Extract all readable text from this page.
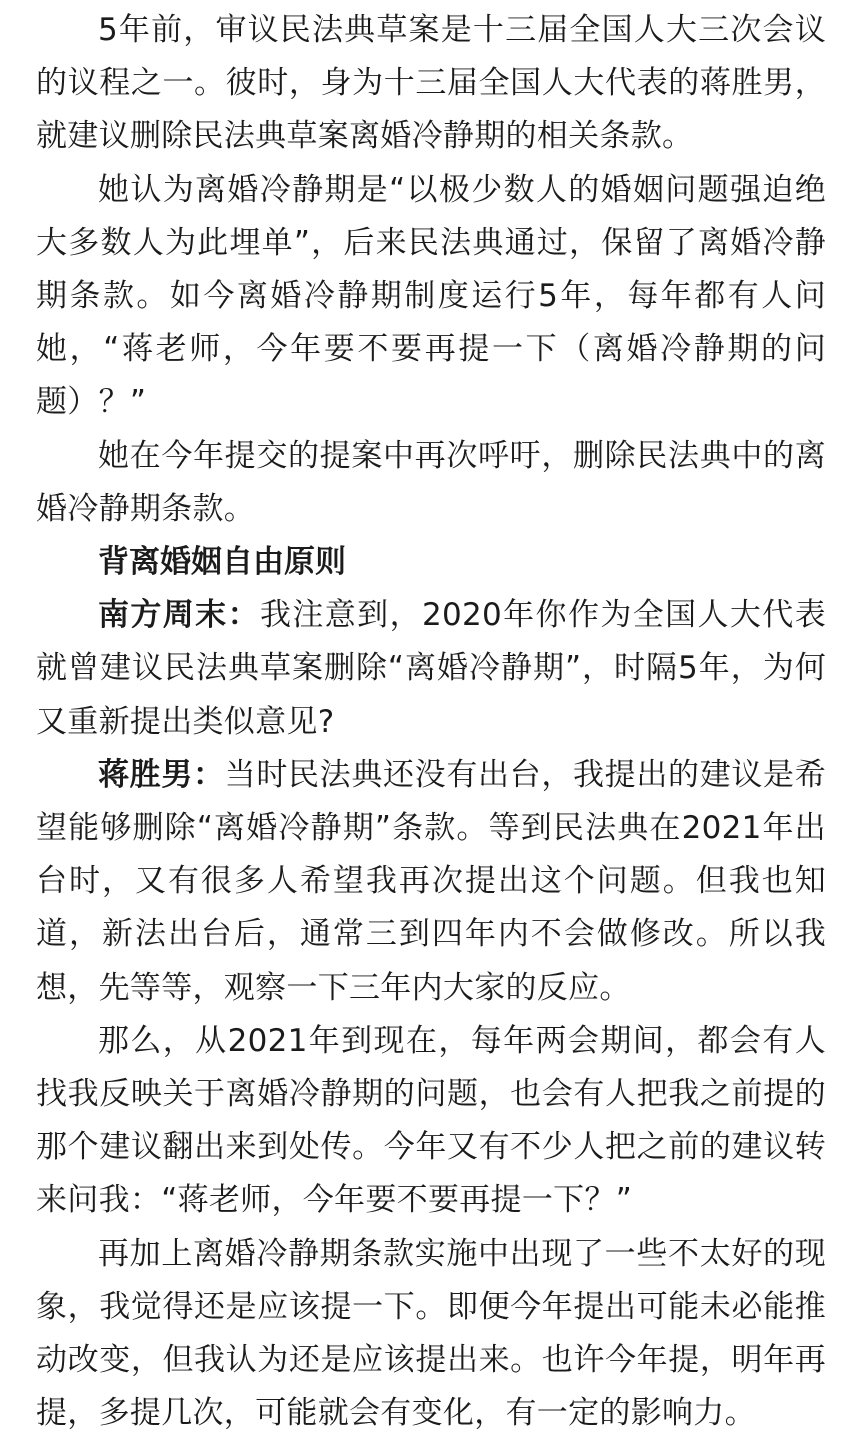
5年前，审议民法典草案是十三届全国人大三次会议的议程之一。彼时，身为十三届全国人大代表的蒋胜男，就建议删除民法典草案离婚冷静期的相关条款。

她认为离婚冷静期是“以极少数人的婚姻问题强迫绝大多数人为此埋单”，后来民法典通过，保留了离婚冷静期条款。如今离婚冷静期制度运行5年，每年都有人问她，“蒋老师，今年要不要再提一下（离婚冷静期的问题）？”

她在今年提交的提案中再次呼吁，删除民法典中的离婚冷静期条款。

背离婚姻自由原则

南方周末：我注意到，2020年你作为全国人大代表就曾建议民法典草案删除“离婚冷静期”，时隔5年，为何又重新提出类似意见?

蒋胜男：当时民法典还没有出台，我提出的建议是希望能够删除“离婚冷静期”条款。等到民法典在2021年出台时，又有很多人希望我再次提出这个问题。但我也知道，新法出台后，通常三到四年内不会做修改。所以我想，先等等，观察一下三年内大家的反应。

那么，从2021年到现在，每年两会期间，都会有人找我反映关于离婚冷静期的问题，也会有人把我之前提的那个建议翻出来到处传。今年又有不少人把之前的建议转来问我：“蒋老师，今年要不要再提一下？”

再加上离婚冷静期条款实施中出现了一些不太好的现象，我觉得还是应该提一下。即便今年提出可能未必能推动改变，但我认为还是应该提出来。也许今年提，明年再提，多提几次，可能就会有变化，有一定的影响力。
